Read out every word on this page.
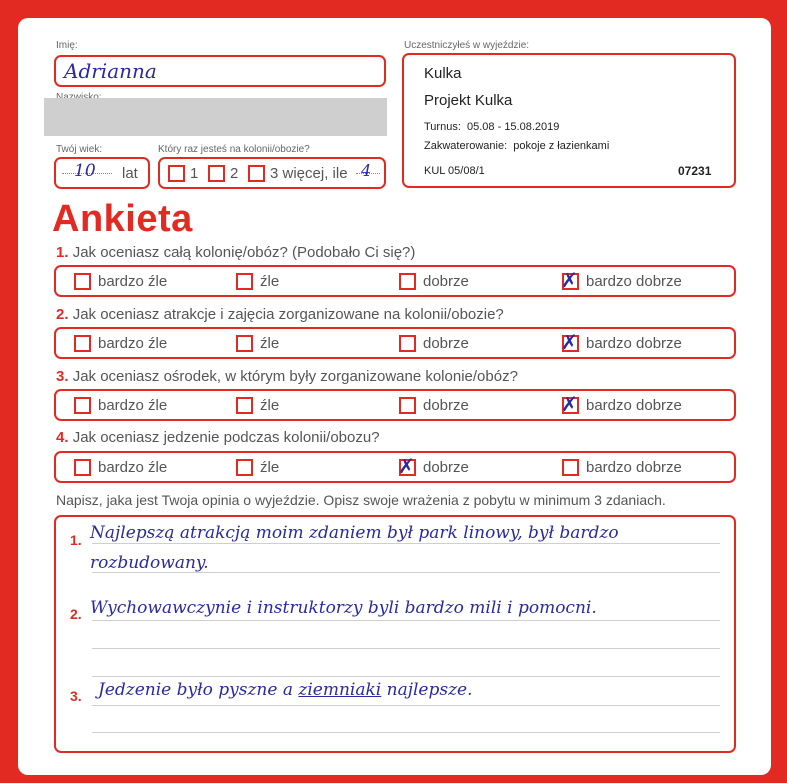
Imię:
Adrianna
Twój wiek:
10 lat
Który raz jesteś na kolonii/obozie?
1 2 3 więcej, ile 4
Uczestniczyłeś w wyjeździe:
Kulka
Projekt Kulka
Turnus: 05.08 - 15.08.2019
Zakwaterowanie: pokoje z łazienkami
KUL 05/08/1	07231
Ankieta
1. Jak oceniasz całą kolonię/obóz? (Podobało Ci się?)
bardzo źle	źle	dobrze	✗ bardzo dobrze
2. Jak oceniasz atrakcje i zajęcia zorganizowane na kolonii/obozie?
bardzo źle	źle	dobrze	✗ bardzo dobrze
3. Jak oceniasz ośrodek, w którym były zorganizowane kolonie/obóz?
bardzo źle	źle	dobrze	✗ bardzo dobrze
4. Jak oceniasz jedzenie podczas kolonii/obozu?
bardzo źle	źle	✗ dobrze	bardzo dobrze
Napisz, jaka jest Twoja opinia o wyjeździe. Opisz swoje wrażenia z pobytu w minimum 3 zdaniach.
1. Najlepszą atrakcją moim zdaniem był park linowy, był bardzo
rozbudowany.
2. Wychowawczynie i instruktorzy byli bardzo mili i pomocni.
3. Jedzenie było pyszne a ziemniaki najlepsze.
